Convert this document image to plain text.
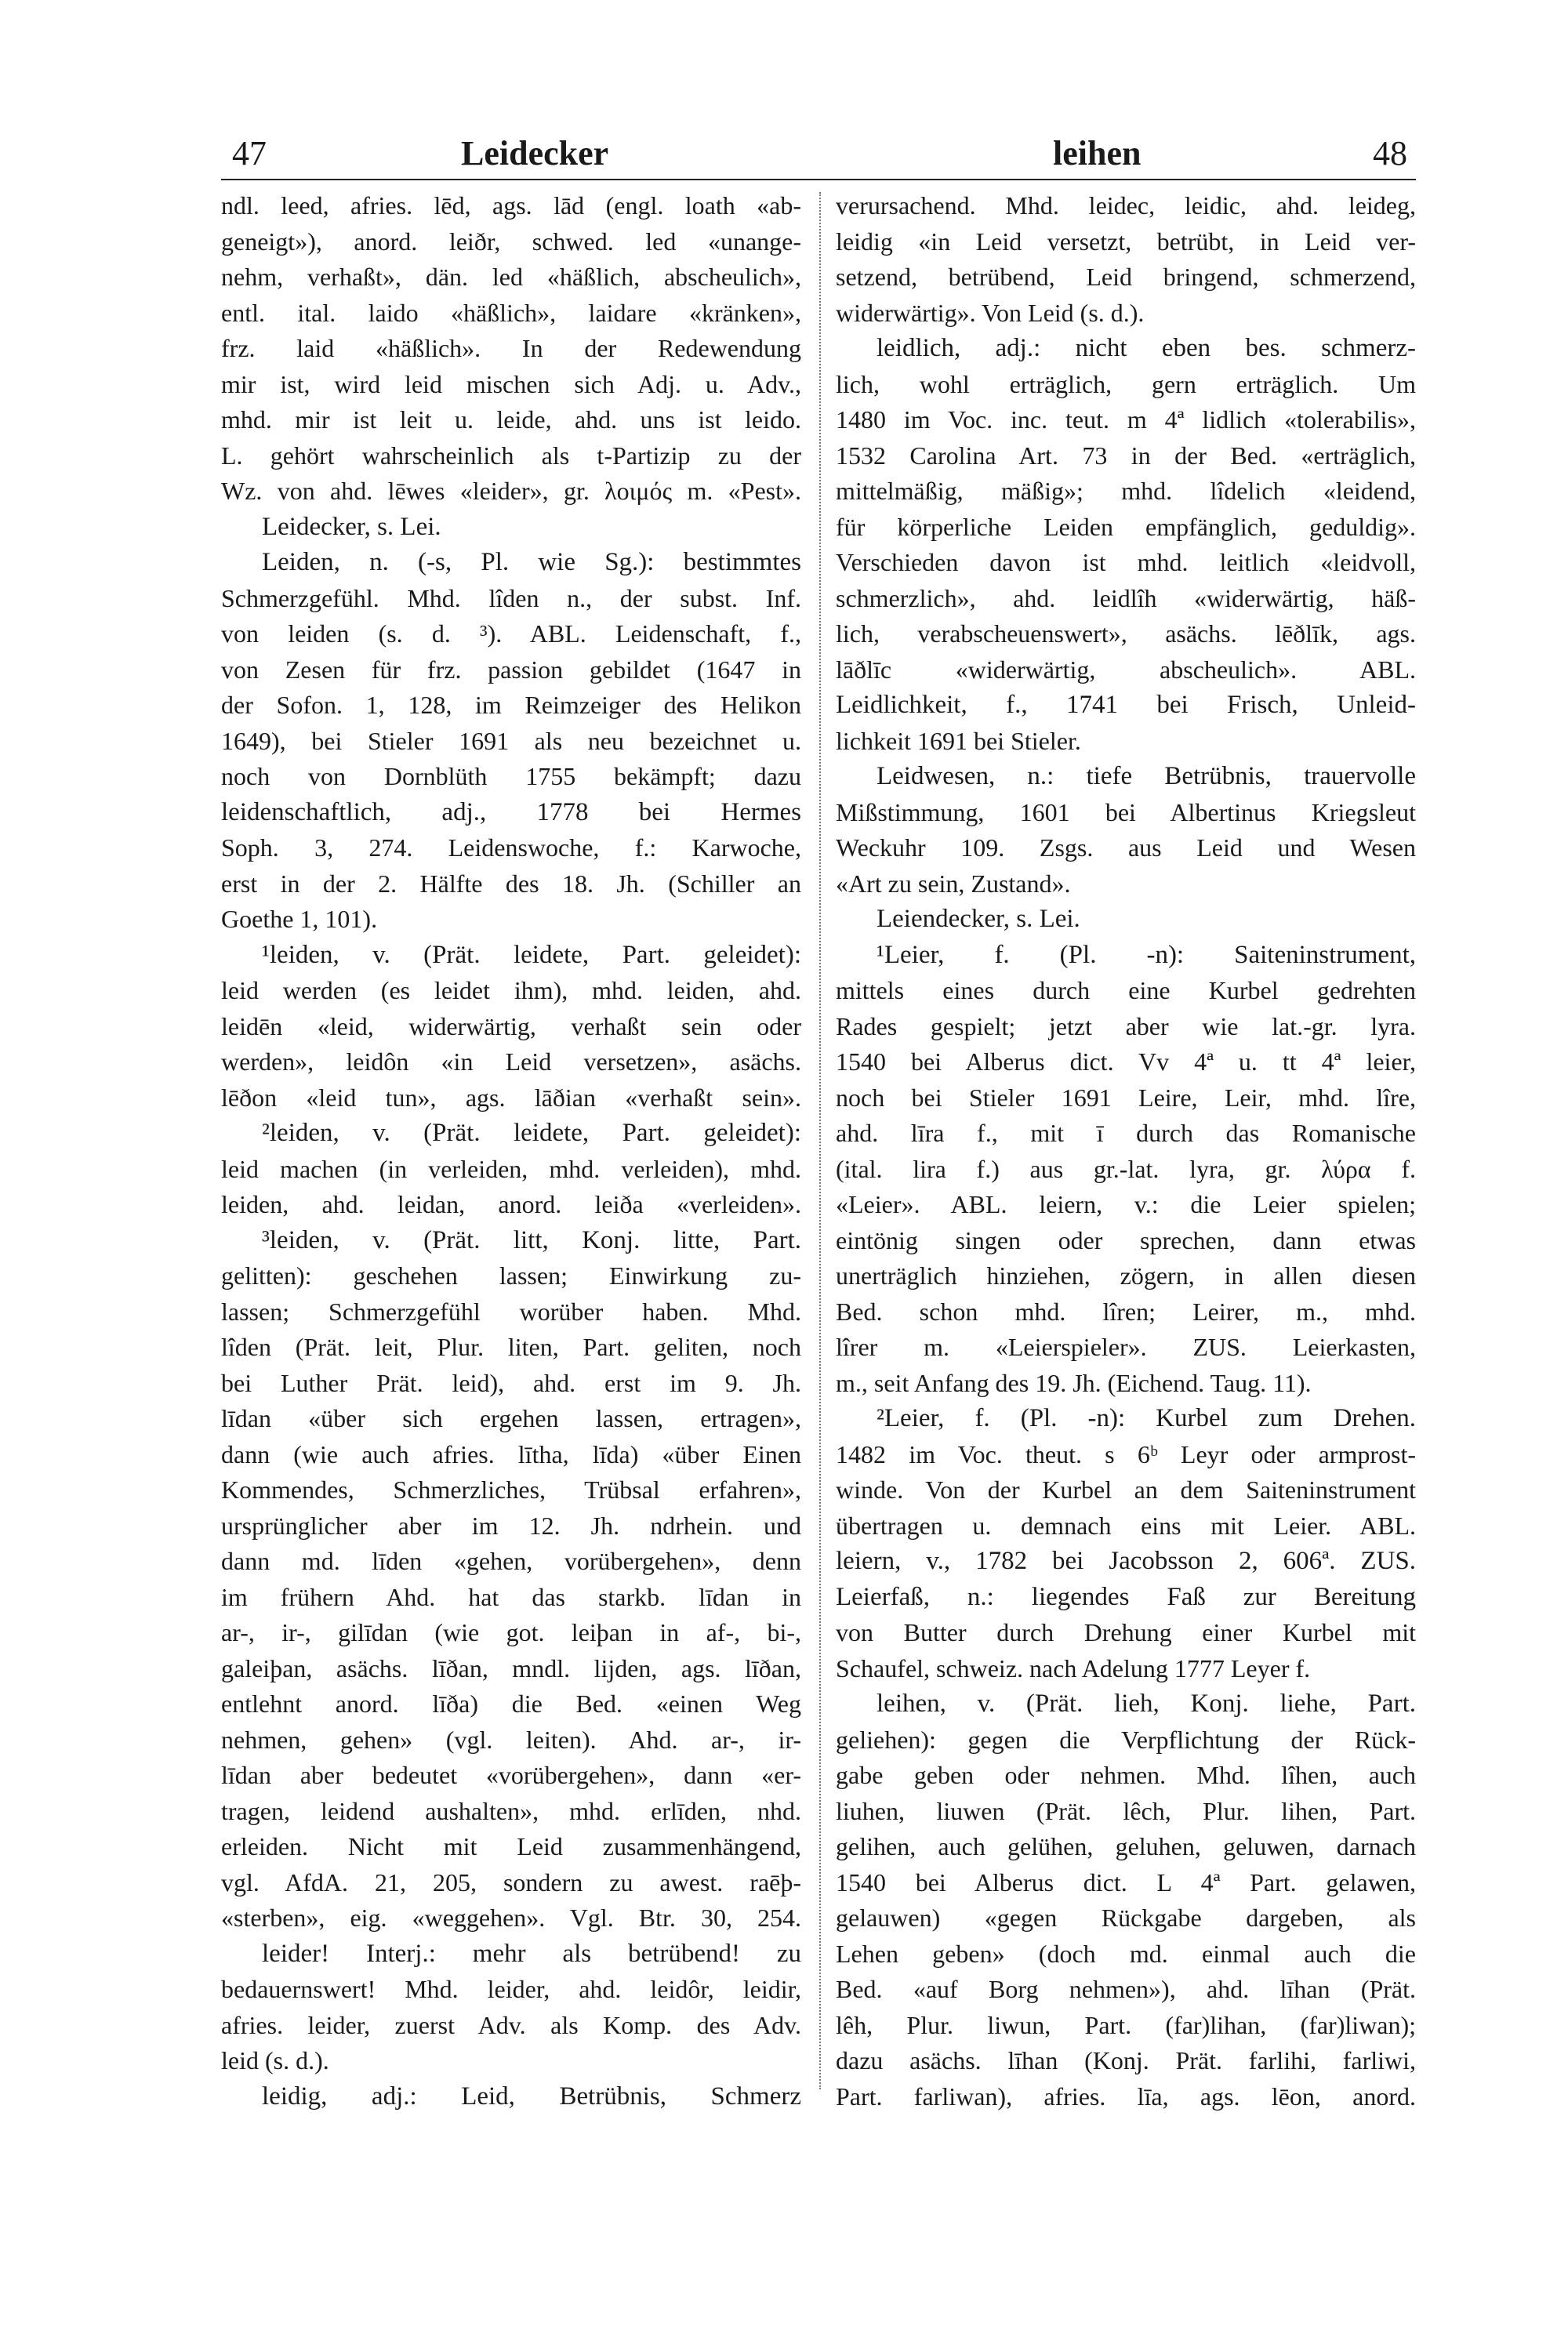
47	Leidecker	leihen	48
ndl. leed, afries. lēd, ags. lād (engl. loath «ab-
geneigt»), anord. leiðr, schwed. led «unange-
nehm, verhaßt», dän. led «häßlich, abscheulich»,
entl. ital. laido «häßlich», laidare «kränken»,
frz. laid «häßlich». In der Redewendung
mir ist, wird leid mischen sich Adj. u. Adv.,
mhd. mir ist leit u. leide, ahd. uns ist leido.
L. gehört wahrscheinlich als t-Partizip zu der
Wz. von ahd. lēwes «leider», gr. λοιμός m. «Pest».
Leidecker, s. Lei.
Leiden, n. (-s, Pl. wie Sg.): bestimmtes
Schmerzgefühl. Mhd. lîden n., der subst. Inf.
von leiden (s. d. ³). ABL. Leidenschaft, f.,
von Zesen für frz. passion gebildet (1647 in
der Sofon. 1, 128, im Reimzeiger des Helikon
1649), bei Stieler 1691 als neu bezeichnet u.
noch von Dornblüth 1755 bekämpft; dazu
leidenschaftlich, adj., 1778 bei Hermes
Soph. 3, 274. Leidenswoche, f.: Karwoche,
erst in der 2. Hälfte des 18. Jh. (Schiller an
Goethe 1, 101).
¹leiden, v. (Prät. leidete, Part. geleidet):
leid werden (es leidet ihm), mhd. leiden, ahd.
leidēn «leid, widerwärtig, verhaßt sein oder
werden», leidôn «in Leid versetzen», asächs.
lēðon «leid tun», ags. lāðian «verhaßt sein».
²leiden, v. (Prät. leidete, Part. geleidet):
leid machen (in verleiden, mhd. verleiden), mhd.
leiden, ahd. leidan, anord. leiða «verleiden».
³leiden, v. (Prät. litt, Konj. litte, Part.
gelitten): geschehen lassen; Einwirkung zu-
lassen; Schmerzgefühl worüber haben. Mhd.
lîden (Prät. leit, Plur. liten, Part. geliten, noch
bei Luther Prät. leid), ahd. erst im 9. Jh.
līdan «über sich ergehen lassen, ertragen»,
dann (wie auch afries. lītha, līda) «über Einen
Kommendes, Schmerzliches, Trübsal erfahren»,
ursprünglicher aber im 12. Jh. ndrhein. und
dann md. līden «gehen, vorübergehen», denn
im frühern Ahd. hat das starkb. līdan in
ar-, ir-, gilīdan (wie got. leiþan in af-, bi-,
galeiþan, asächs. līðan, mndl. lijden, ags. līðan,
entlehnt anord. līða) die Bed. «einen Weg
nehmen, gehen» (vgl. leiten). Ahd. ar-, ir-
līdan aber bedeutet «vorübergehen», dann «er-
tragen, leidend aushalten», mhd. erlīden, nhd.
erleiden. Nicht mit Leid zusammenhängend,
vgl. AfdA. 21, 205, sondern zu awest. raēþ-
«sterben», eig. «weggehen». Vgl. Btr. 30, 254.
leider! Interj.: mehr als betrübend! zu
bedauernswert! Mhd. leider, ahd. leidôr, leidir,
afries. leider, zuerst Adv. als Komp. des Adv.
leid (s. d.).
leidig, adj.: Leid, Betrübnis, Schmerz
verursachend. Mhd. leidec, leidic, ahd. leideg,
leidig «in Leid versetzt, betrübt, in Leid ver-
setzend, betrübend, Leid bringend, schmerzend,
widerwärtig». Von Leid (s. d.).
leidlich, adj.: nicht eben bes. schmerz-
lich, wohl erträglich, gern erträglich. Um
1480 im Voc. inc. teut. m 4ª lidlich «tolerabilis»,
1532 Carolina Art. 73 in der Bed. «erträglich,
mittelmäßig, mäßig»; mhd. lîdelich «leidend,
für körperliche Leiden empfänglich, geduldig».
Verschieden davon ist mhd. leitlich «leidvoll,
schmerzlich», ahd. leidlîh «widerwärtig, häß-
lich, verabscheuenswert», asächs. lēðlīk, ags.
lāðlīc «widerwärtig, abscheulich». ABL.
Leidlichkeit, f., 1741 bei Frisch, Unleid-
lichkeit 1691 bei Stieler.
Leidwesen, n.: tiefe Betrübnis, trauervolle
Mißstimmung, 1601 bei Albertinus Kriegsleut
Weckuhr 109. Zsgs. aus Leid und Wesen
«Art zu sein, Zustand».
Leiendecker, s. Lei.
¹Leier, f. (Pl. -n): Saiteninstrument,
mittels eines durch eine Kurbel gedrehten
Rades gespielt; jetzt aber wie lat.-gr. lyra.
1540 bei Alberus dict. Vv 4ª u. tt 4ª leier,
noch bei Stieler 1691 Leire, Leir, mhd. lîre,
ahd. līra f., mit ī durch das Romanische
(ital. lira f.) aus gr.-lat. lyra, gr. λύρα f.
«Leier». ABL. leiern, v.: die Leier spielen;
eintönig singen oder sprechen, dann etwas
unerträglich hinziehen, zögern, in allen diesen
Bed. schon mhd. lîren; Leirer, m., mhd.
lîrer m. «Leierspieler». ZUS. Leierkasten,
m., seit Anfang des 19. Jh. (Eichend. Taug. 11).
²Leier, f. (Pl. -n): Kurbel zum Drehen.
1482 im Voc. theut. s 6ᵇ Leyr oder armprost-
winde. Von der Kurbel an dem Saiteninstrument
übertragen u. demnach eins mit Leier. ABL.
leiern, v., 1782 bei Jacobsson 2, 606ª. ZUS.
Leierfaß, n.: liegendes Faß zur Bereitung
von Butter durch Drehung einer Kurbel mit
Schaufel, schweiz. nach Adelung 1777 Leyer f.
leihen, v. (Prät. lieh, Konj. liehe, Part.
geliehen): gegen die Verpflichtung der Rück-
gabe geben oder nehmen. Mhd. lîhen, auch
liuhen, liuwen (Prät. lêch, Plur. lihen, Part.
gelihen, auch gelühen, geluhen, geluwen, darnach
1540 bei Alberus dict. L 4ª Part. gelawen,
gelauwen) «gegen Rückgabe dargeben, als
Lehen geben» (doch md. einmal auch die
Bed. «auf Borg nehmen»), ahd. līhan (Prät.
lêh, Plur. liwun, Part. (far)lihan, (far)liwan);
dazu asächs. līhan (Konj. Prät. farlihi, farliwi,
Part. farliwan), afries. līa, ags. lēon, anord.
